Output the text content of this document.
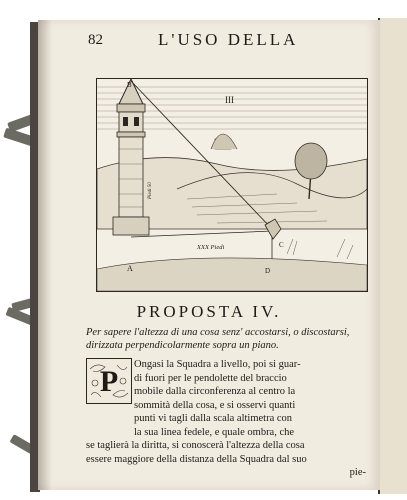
82	L'USO DELLA
III
B
A
C
D
XXX Piedi
Piedi 50
PROPOSTA IV.
Per sapere l'altezza di una cosa senz' accostarsi, o discostarsi, dirizzata perpendicolarmente sopra un piano.
P
Ongasi la Squadra a livello, poi si guar-
di fuori per le pendolette del braccio
mobile dalla circonferenza al centro la
sommità della cosa, e si osservi quanti
punti vi tagli dalla scala altimetra con
la sua linea fedele, e quale ombra, che
se taglierà la diritta, si conoscerà l'altezza della cosa
essere maggiore della distanza della Squadra dal suo
pie-
